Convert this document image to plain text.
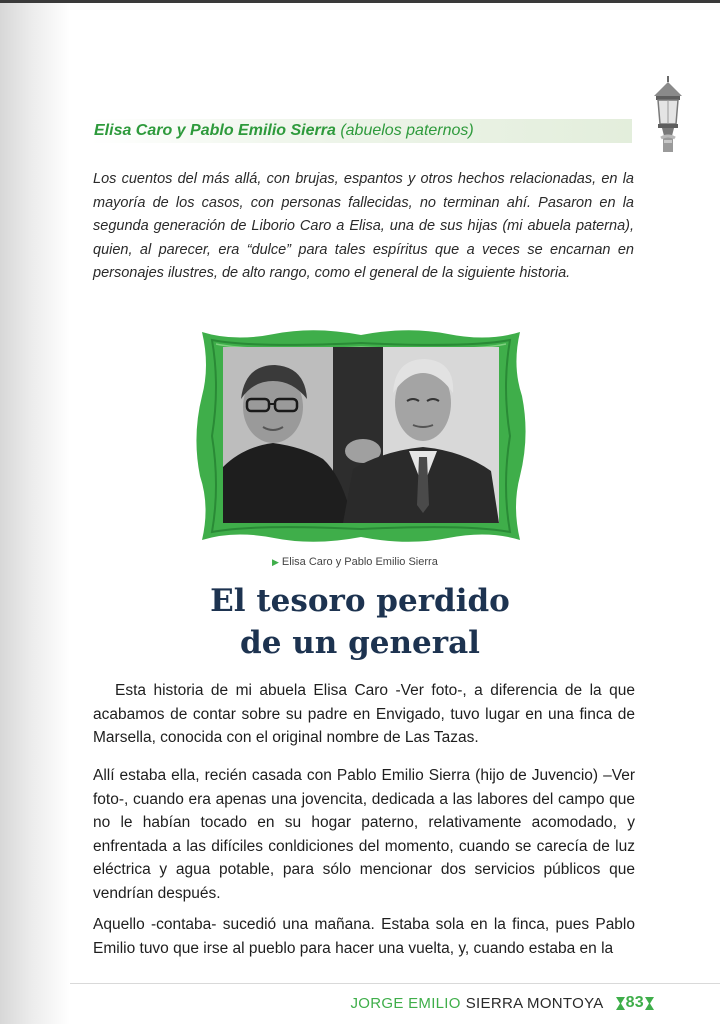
Elisa Caro y Pablo Emilio Sierra (abuelos paternos)

Los cuentos del más allá, con brujas, espantos y otros hechos relacionadas, en la mayoría de los casos, con personas fallecidas, no terminan ahí. Pasaron en la segunda generación de Liborio Caro a Elisa, una de sus hijas (mi abuela paterna), quien, al parecer, era “dulce” para tales espíritus que a veces se encarnan en personajes ilustres, de alto rango, como el general de la siguiente historia.

▶ Elisa Caro y Pablo Emilio Sierra

El tesoro perdido
de un general

Esta historia de mi abuela Elisa Caro -Ver foto-, a diferencia de la que acabamos de contar sobre su padre en Envigado, tuvo lugar en una finca de Marsella, conocida con el original nombre de Las Tazas.

Allí estaba ella, recién casada con Pablo Emilio Sierra (hijo de Juvencio) –Ver foto-, cuando era apenas una jovencita, dedicada a las labores del campo que no le habían tocado en su hogar paterno, relativamente acomodado, y enfrentada a las difíciles conldiciones del momento, cuando se carecía de luz eléctrica y agua potable, para sólo mencionar dos servicios públicos que vendrían después.

Aquello -contaba- sucedió una mañana. Estaba sola en la finca, pues Pablo Emilio tuvo que irse al pueblo para hacer una vuelta, y, cuando estaba en la

JORGE EMILIO SIERRA MONTOYA 83
